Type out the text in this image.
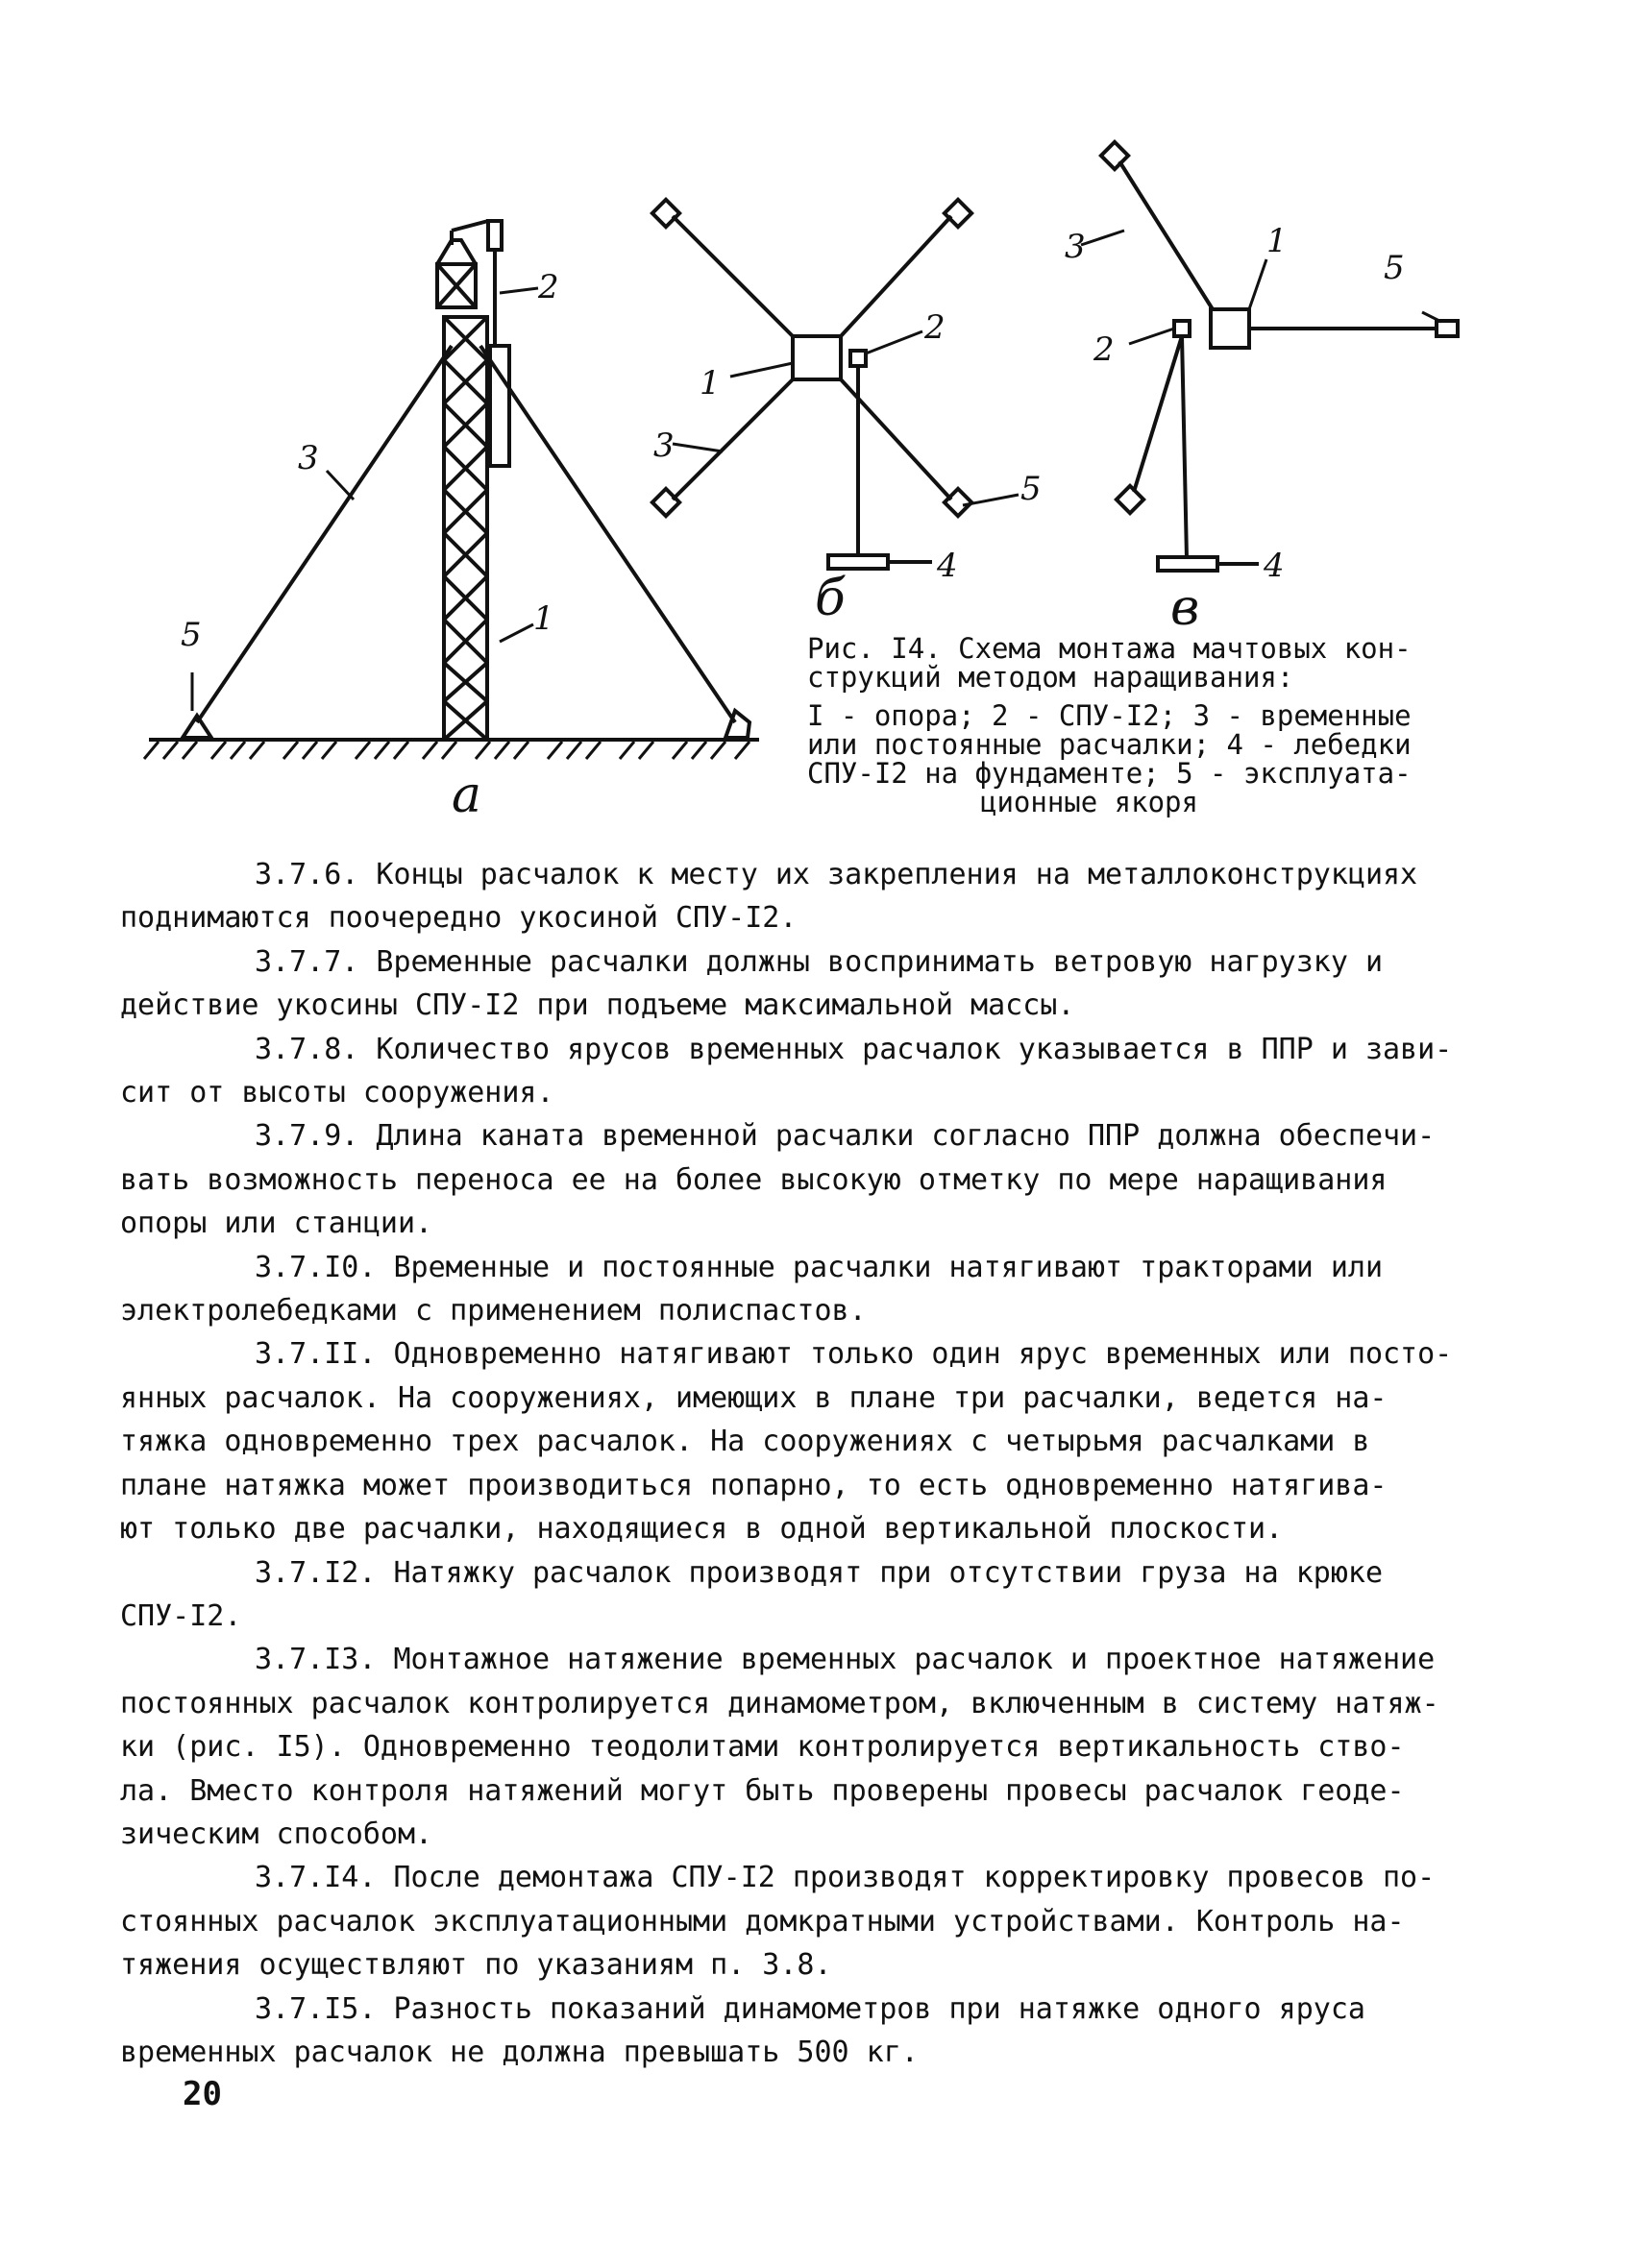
2
3
1
5
а
2
1
3
5
4
б
3	1
5
2
4
в
Рис. I4. Схема монтажа мачтовых кон-
струкций методом наращивания:
I - опора; 2 - СПУ-I2; 3 - временные
или постоянные расчалки; 4 - лебедки
СПУ-I2 на фундаменте; 5 - эксплуата-
ционные якоря
3.7.6. Концы расчалок к месту их закрепления на металлоконструкциях
поднимаются поочередно укосиной СПУ-I2.
3.7.7. Временные расчалки должны воспринимать ветровую нагрузку и
действие укосины СПУ-I2 при подъеме максимальной массы.
3.7.8. Количество ярусов временных расчалок указывается в ППР и зави-
сит от высоты сооружения.
3.7.9. Длина каната временной расчалки согласно ППР должна обеспечи-
вать возможность переноса ее на более высокую отметку по мере наращивания
опоры или станции.
3.7.I0. Временные и постоянные расчалки натягивают тракторами или
электролебедками с применением полиспастов.
3.7.II. Одновременно натягивают только один ярус временных или посто-
янных расчалок. На сооружениях, имеющих в плане три расчалки, ведется на-
тяжка одновременно трех расчалок. На сооружениях с четырьмя расчалками в
плане натяжка может производиться попарно, то есть одновременно натягива-
ют только две расчалки, находящиеся в одной вертикальной плоскости.
3.7.I2. Натяжку расчалок производят при отсутствии груза на крюке
СПУ-I2.
3.7.I3. Монтажное натяжение временных расчалок и проектное натяжение
постоянных расчалок контролируется динамометром, включенным в систему натяж-
ки (рис. I5). Одновременно теодолитами контролируется вертикальность ство-
ла. Вместо контроля натяжений могут быть проверены провесы расчалок геоде-
зическим способом.
3.7.I4. После демонтажа СПУ-I2 производят корректировку провесов по-
стоянных расчалок эксплуатационными домкратными устройствами. Контроль на-
тяжения осуществляют по указаниям п. 3.8.
3.7.I5. Разность показаний динамометров при натяжке одного яруса
временных расчалок не должна превышать 500 кг.
20
